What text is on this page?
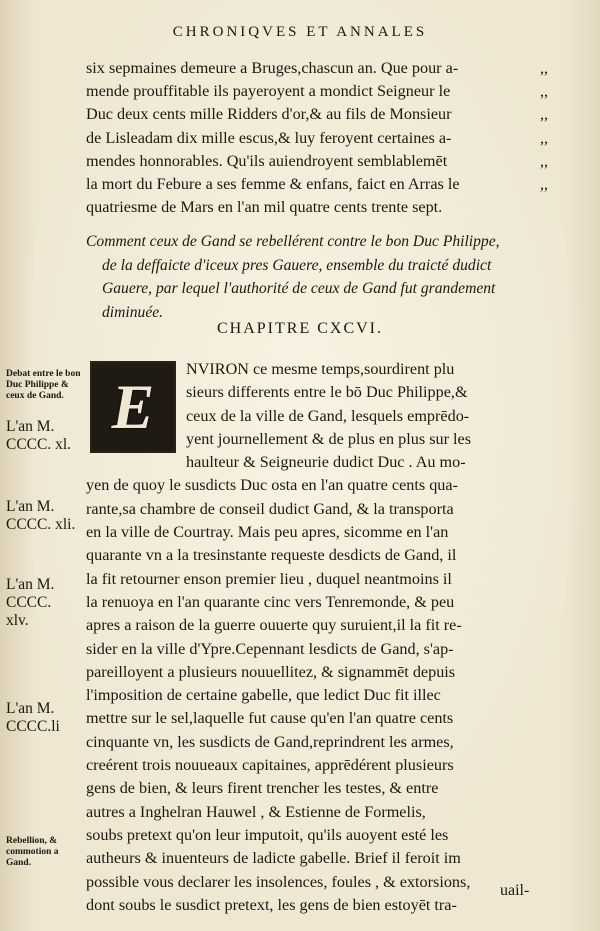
CHRONIQVES ET ANNALES
six sepmaines demeure a Bruges,chascun an. Que pour a-
mende prouffitable ils payeroyent a mondict Seigneur le
Duc deux cents mille Ridders d'or,& au fils de Monsieur
de Lisleadam dix mille escus,& luy feroyent certaines a-
mendes honnorables. Qu'ils auiendroyent semblablemēt
la mort du Febure a ses femme & enfans, faict en Arras le
quatriesme de Mars en l'an mil quatre cents trente sept.
,,
,,
,,
,,
,,
,,
Comment ceux de Gand se rebellérent contre le bon Duc Philippe,
de la deffaicte d'iceux pres Gauere, ensemble du traicté dudict
Gauere, par lequel l'authorité de ceux de Gand fut grandement
diminuée.
CHAPITRE CXCVI.
E
NVIRON ce mesme temps,sourdirent plu
sieurs differents entre le bō Duc Philippe,&
ceux de la ville de Gand, lesquels emprēdo-
yent journellement & de plus en plus sur les
haulteur & Seigneurie dudict Duc . Au mo-
yen de quoy le susdicts Duc osta en l'an quatre cents qua-
rante,sa chambre de conseil dudict Gand, & la transporta
en la ville de Courtray. Mais peu apres, sicomme en l'an
quarante vn a la tresinstante requeste desdicts de Gand, il
la fit retourner enson premier lieu , duquel neantmoins il
la renuoya en l'an quarante cinc vers Tenremonde, & peu
apres a raison de la guerre ouuerte quy suruient,il la fit re-
sider en la ville d'Ypre.Cepennant lesdicts de Gand, s'ap-
pareilloyent a plusieurs nouuellitez, & signammēt depuis
l'imposition de certaine gabelle, que ledict Duc fit illec
mettre sur le sel,laquelle fut cause qu'en l'an quatre cents
cinquante vn, les susdicts de Gand,reprindrent les armes,
creérent trois nouueaux capitaines, apprēdérent plusieurs
gens de bien, & leurs firent trencher les testes, & entre
autres a Inghelran Hauwel , & Estienne de Formelis,
soubs pretext qu'on leur imputoit, qu'ils auoyent esté les
autheurs & inuenteurs de ladicte gabelle. Brief il feroit im
possible vous declarer les insolences, foules , & extorsions,
dont soubs le susdict pretext, les gens de bien estoyēt tra-
Debat entre le bon Duc Philippe & ceux de Gand.
L'an M. CCCC. xl.
L'an M. CCCC. xli.
L'an M. CCCC. xlv.
L'an M. CCCC.li
Rebellion, & commotion a Gand.
uail-
